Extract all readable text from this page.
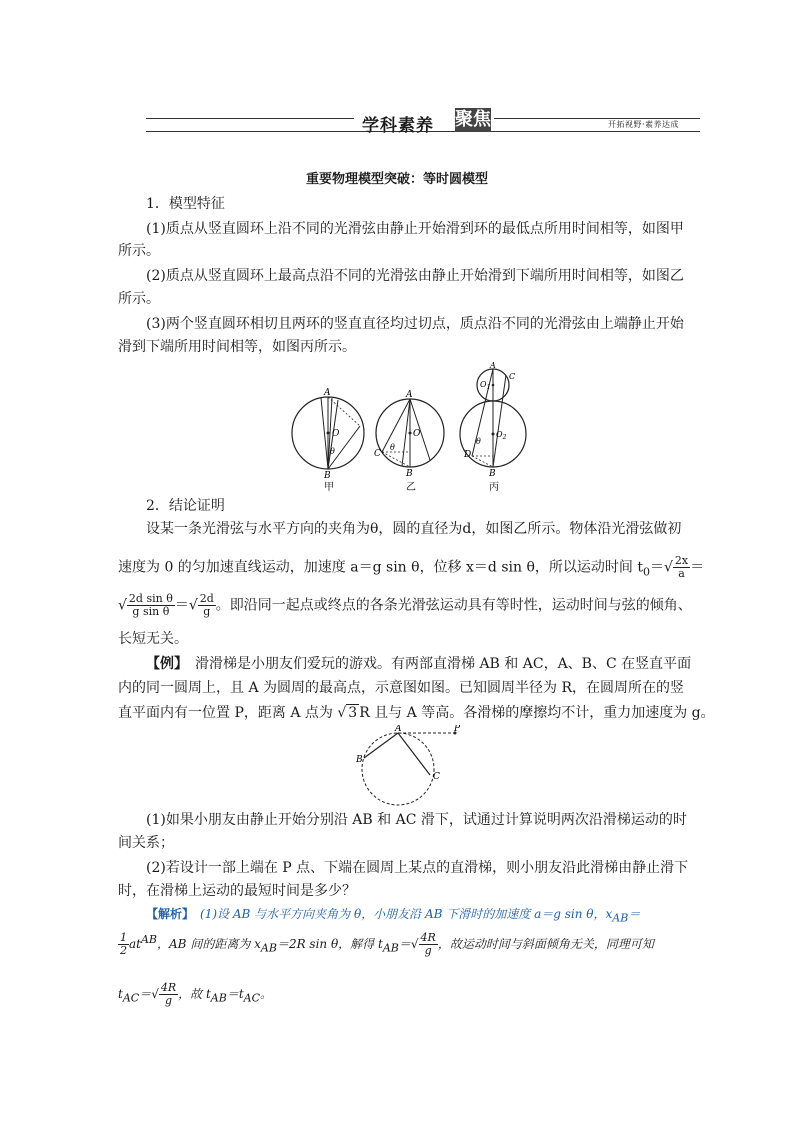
学科素养 聚焦	开拓视野·素养达成
重要物理模型突破：等时圆模型
1．模型特征
(1)质点从竖直圆环上沿不同的光滑弦由静止开始滑到环的最低点所用时间相等，如图甲
所示。
(2)质点从竖直圆环上最高点沿不同的光滑弦由静止开始滑到下端所用时间相等，如图乙
所示。
(3)两个竖直圆环相切且两环的竖直直径均过切点，质点沿不同的光滑弦由上端静止开始
滑到下端所用时间相等，如图丙所示。
A
O
θ
B
甲
A
O
θ
C
B
乙
A
$O_1$
C
$O_2$
θ
D
B
丙
2．结论证明
设某一条光滑弦与水平方向的夹角为θ，圆的直径为d，如图乙所示。物体沿光滑弦做初
速度为 0 的匀加速直线运动，加速度 a＝g sin θ，位移 x＝d sin θ，所以运动时间 $t_0=√ \frac{2x}{a}$ ＝
√ $\frac{\text{2d sin θ}}{\text{g sin θ}}$ ＝√ $\frac{2d}{g}$ 。即沿同一起点或终点的各条光滑弦运动具有等时性，运动时间与弦的倾角、
长短无关。
【例】　 滑滑梯是小朋友们爱玩的游戏。有两部直滑梯 AB 和 AC，A、B、C 在竖直平面
内的同一圆周上，且 A 为圆周的最高点，示意图如图。已知圆周半径为 R，在圆周所在的竖
直平面内有一位置 P，距离 A 点为 √ 3 R 且与 A 等高。各滑梯的摩擦均不计，重力加速度为 g。
A	P
B
C
(1)如果小朋友由静止开始分别沿 AB 和 AC 滑下，试通过计算说明两次沿滑梯运动的时
间关系；
(2)若设计一部上端在 P 点、下端在圆周上某点的直滑梯，则小朋友沿此滑梯由静止滑下
时，在滑梯上运动的最短时间是多少？
【解析】　 (1)设 AB 与水平方向夹角为 θ，小朋友沿 AB 下滑时的加速度 a＝g sin θ，$x_{AB}=$
$\frac{1}{2} at^{AB}$，AB 间的距离为 $x_{AB}=2R$ sin θ，解得 $t_{AB}=√ \frac{4R}{g}$ ，故运动时间与斜面倾角无关，同理可知
$t_{AC}=√ \frac{4R}{g}$ ，故 $t_{AB}=t_{AC}$。
